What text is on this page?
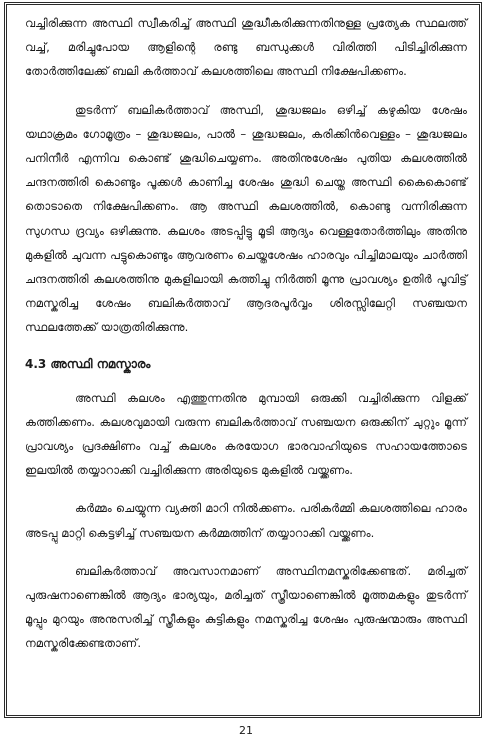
വച്ചിരിക്കുന്ന അസ്ഥി സ്വീകരിച്ച് അസ്ഥി ശുദ്ധീകരിക്കുന്നതിനുള്ള പ്രത്യേക സ്ഥലത്ത് വച്ച്, മരിച്ചുപോയ ആളിന്റെ രണ്ടു ബന്ധുക്കൾ വിരിത്തി പിടിച്ചിരിക്കുന്ന തോർത്തിലേക്ക് ബലി കർത്താവ് കലശത്തിലെ അസ്ഥി നിക്ഷേപിക്കണം.

തുടർന്ന് ബലികർത്താവ് അസ്ഥി, ശുദ്ധജലം ഒഴിച്ച് കഴുകിയ ശേഷം യഥാക്രമം ഗോമൂത്രം – ശുദ്ധജലം, പാൽ – ശുദ്ധജലം, കരിക്കിൻവെള്ളം – ശുദ്ധജലം പനിനീർ എന്നിവ കൊണ്ട് ശുദ്ധിചെയ്യണം. അതിനുശേഷം പുതിയ കലശത്തിൽ ചന്ദനത്തിരി കൊണ്ടും പൂക്കൾ കാണിച്ച ശേഷം ശുദ്ധി ചെയ്ത അസ്ഥി കൈകൊണ്ട് തൊടാതെ നിക്ഷേപിക്കണം. ആ അസ്ഥി കലശത്തിൽ, കൊണ്ടു വന്നിരിക്കുന്ന സുഗന്ധ ദ്രവ്യം ഒഴിക്കുന്നു. കലശം അടപ്പിട്ടു മൂടി ആദ്യം വെള്ളതോർത്തിലും അതിനു മുകളിൽ ചുവന്ന പട്ടുകൊണ്ടും ആവരണം ചെയ്തശേഷം ഹാരവും പിച്ചിമാലയും ചാർത്തി ചന്ദനത്തിരി കലശത്തിനു മുകളിലായി കത്തിച്ചു നിർത്തി മൂന്നു പ്രാവശ്യം ഉതിർ പൂവിട്ട് നമസ്കരിച്ച ശേഷം ബലികർത്താവ് ആദരപൂർവ്വം ശിരസ്സിലേറ്റി സഞ്ചയന സ്ഥലത്തേക്ക് യാത്രതിരിക്കുന്നു.

4.3 അസ്ഥി നമസ്കാരം

അസ്ഥി കലശം എത്തുന്നതിനു മുമ്പായി ഒരുക്കി വച്ചിരിക്കുന്ന വിളക്ക് കത്തിക്കണം. കലശവുമായി വരുന്ന ബലികർത്താവ് സഞ്ചയന ഒരുക്കിന് ചുറ്റും മൂന്ന് പ്രാവശ്യം പ്രദക്ഷിണം വച്ച് കലശം കരയോഗ ഭാരവാഹിയുടെ സഹായത്തോടെ ഇലയിൽ തയ്യാറാക്കി വച്ചിരിക്കുന്ന അരിയുടെ മുകളിൽ വയ്ക്കണം.

കർമ്മം ചെയ്യുന്ന വ്യക്തി മാറി നിൽക്കണം. പരികർമ്മി കലശത്തിലെ ഹാരം അടപ്പു മാറ്റി കെട്ടഴിച്ച് സഞ്ചയന കർമ്മത്തിന് തയ്യാറാക്കി വയ്ക്കണം.

ബലികർത്താവ് അവസാനമാണ് അസ്ഥിനമസ്കരിക്കേണ്ടത്. മരിച്ചത് പുരുഷനാണെങ്കിൽ ആദ്യം ഭാര്യയും, മരിച്ചത് സ്ത്രീയാണെങ്കിൽ മൂത്തമകളും തുടർന്ന് മൂപ്പും മുറയും അനുസരിച്ച് സ്ത്രീകളും കുട്ടികളും നമസ്കരിച്ച ശേഷം പുരുഷന്മാരും അസ്ഥി നമസ്കരിക്കേണ്ടതാണ്.

21
